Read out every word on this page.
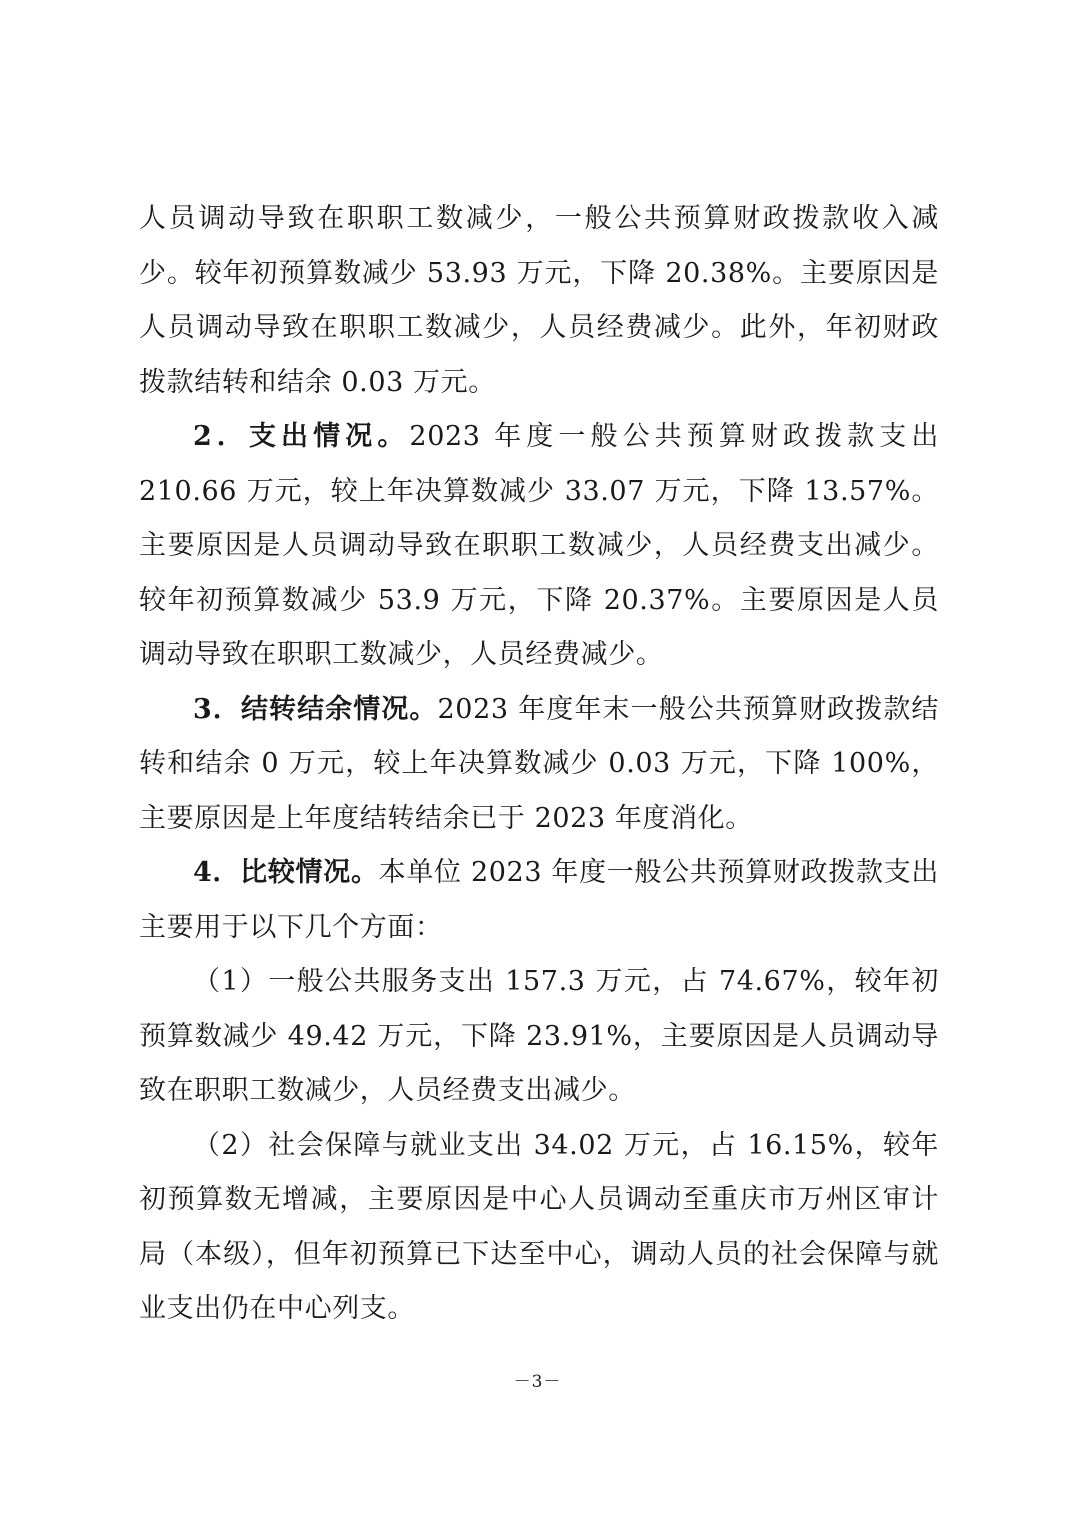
人员调动导致在职职工数减少，一般公共预算财政拨款收入减少。较年初预算数减少 53.93 万元，下降 20.38%。主要原因是人员调动导致在职职工数减少，人员经费减少。此外，年初财政拨款结转和结余 0.03 万元。

2．支出情况。2023 年度一般公共预算财政拨款支出 210.66 万元，较上年决算数减少 33.07 万元，下降 13.57%。主要原因是人员调动导致在职职工数减少，人员经费支出减少。较年初预算数减少 53.9 万元，下降 20.37%。主要原因是人员调动导致在职职工数减少，人员经费减少。

3．结转结余情况。2023 年度年末一般公共预算财政拨款结转和结余 0 万元，较上年决算数减少 0.03 万元，下降 100%，主要原因是上年度结转结余已于 2023 年度消化。

4．比较情况。本单位 2023 年度一般公共预算财政拨款支出主要用于以下几个方面：

（1）一般公共服务支出 157.3 万元，占 74.67%，较年初预算数减少 49.42 万元，下降 23.91%，主要原因是人员调动导致在职职工数减少，人员经费支出减少。

（2）社会保障与就业支出 34.02 万元，占 16.15%，较年初预算数无增减，主要原因是中心人员调动至重庆市万州区审计局（本级），但年初预算已下达至中心，调动人员的社会保障与就业支出仍在中心列支。

－3－
